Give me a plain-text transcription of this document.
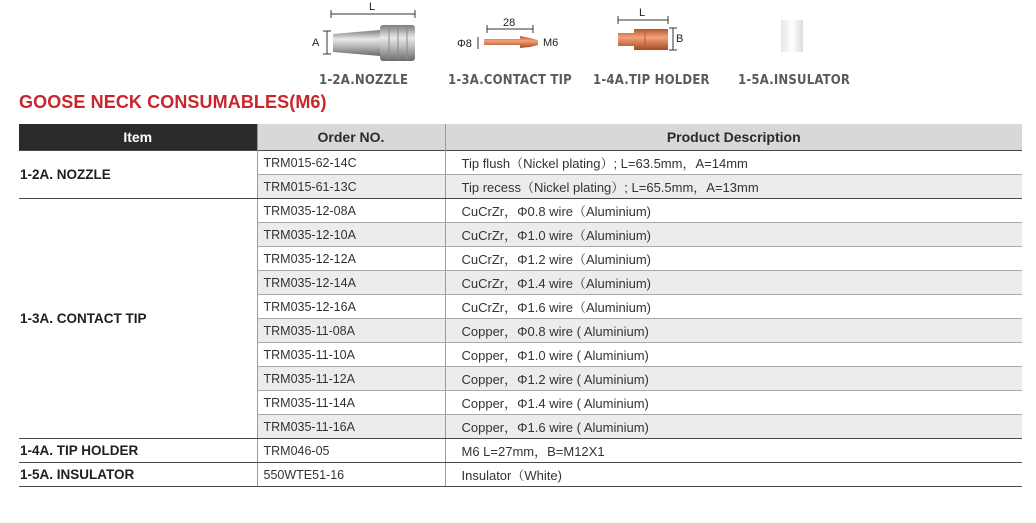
L
A
28
Φ8	M6
L
B
1-2A.NOZZLE	1-3A.CONTACT TIP 1-4A.TIP HOLDER 1-5A.INSULATOR
GOOSE NECK CONSUMABLES(M6)
Item	Order NO.	Product Description
1-2A. NOZZLE	TRM015-62-14C	Tip flush（Nickel plating）; L=63.5mm，A=14mm
	TRM015-61-13C	Tip recess（Nickel plating）; L=65.5mm，A=13mm
1-3A. CONTACT TIP	TRM035-12-08A	CuCrZr，Φ0.8 wire（Aluminium)
	TRM035-12-10A	CuCrZr，Φ1.0 wire（Aluminium)
	TRM035-12-12A	CuCrZr，Φ1.2 wire（Aluminium)
	TRM035-12-14A	CuCrZr，Φ1.4 wire（Aluminium)
	TRM035-12-16A	CuCrZr，Φ1.6 wire（Aluminium)
	TRM035-11-08A	Copper，Φ0.8 wire ( Aluminium)
	TRM035-11-10A	Copper，Φ1.0 wire ( Aluminium)
	TRM035-11-12A	Copper，Φ1.2 wire ( Aluminium)
	TRM035-11-14A	Copper，Φ1.4 wire ( Aluminium)
	TRM035-11-16A	Copper，Φ1.6 wire ( Aluminium)
1-4A. TIP HOLDER	TRM046-05	M6 L=27mm，B=M12X1
1-5A. INSULATOR	550WTE51-16	Insulator（White)
